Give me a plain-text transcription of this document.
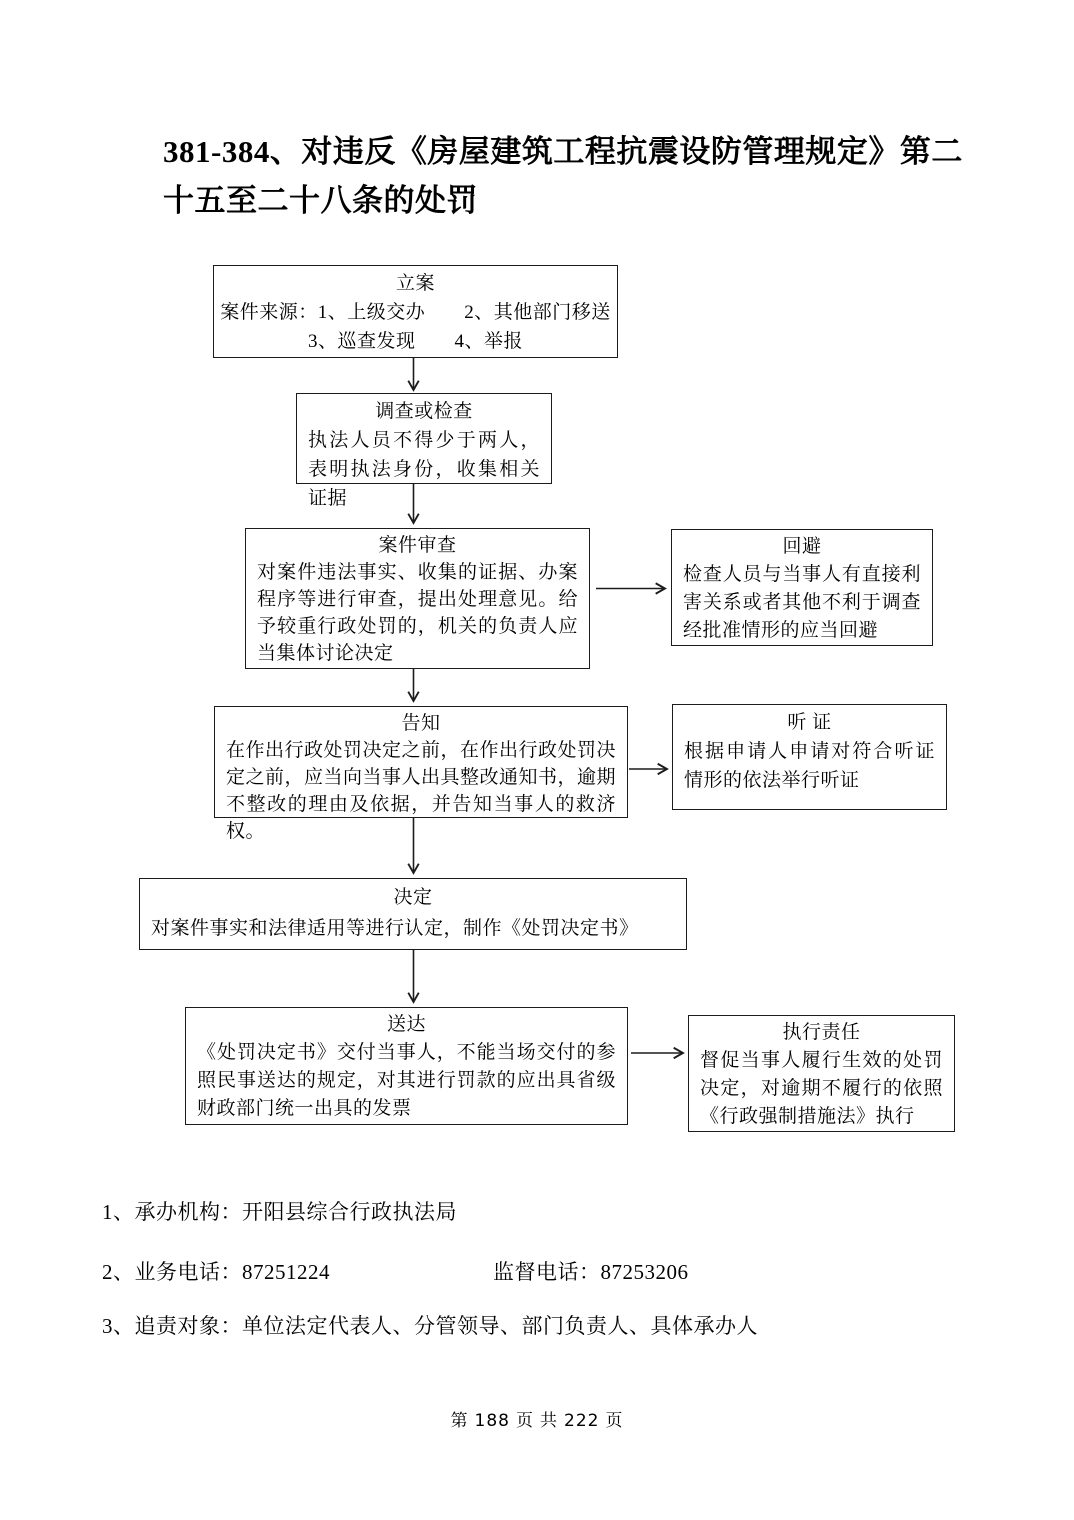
381-384、对违反《房屋建筑工程抗震设防管理规定》第二
十五至二十八条的处罚
立案
案件来源：1、上级交办　　2、其他部门移送
3、巡查发现　　4、举报
调查或检查
执法人员不得少于两人，表明执法身份，收集相关证据
案件审查
对案件违法事实、收集的证据、办案程序等进行审查，提出处理意见。给予较重行政处罚的，机关的负责人应当集体讨论决定
回避
检查人员与当事人有直接利害关系或者其他不利于调查经批准情形的应当回避
告知
在作出行政处罚决定之前，在作出行政处罚决定之前，应当向当事人出具整改通知书，逾期不整改的理由及依据，并告知当事人的救济权。
听 证
根据申请人申请对符合听证情形的依法举行听证
决定
对案件事实和法律适用等进行认定，制作《处罚决定书》
送达
《处罚决定书》交付当事人，不能当场交付的参照民事送达的规定，对其进行罚款的应出具省级财政部门统一出具的发票
执行责任
督促当事人履行生效的处罚决定，对逾期不履行的依照《行政强制措施法》执行
1、承办机构：开阳县综合行政执法局
2、业务电话：87251224	监督电话：87253206
3、追责对象：单位法定代表人、分管领导、部门负责人、具体承办人
第 188 页 共 222 页
